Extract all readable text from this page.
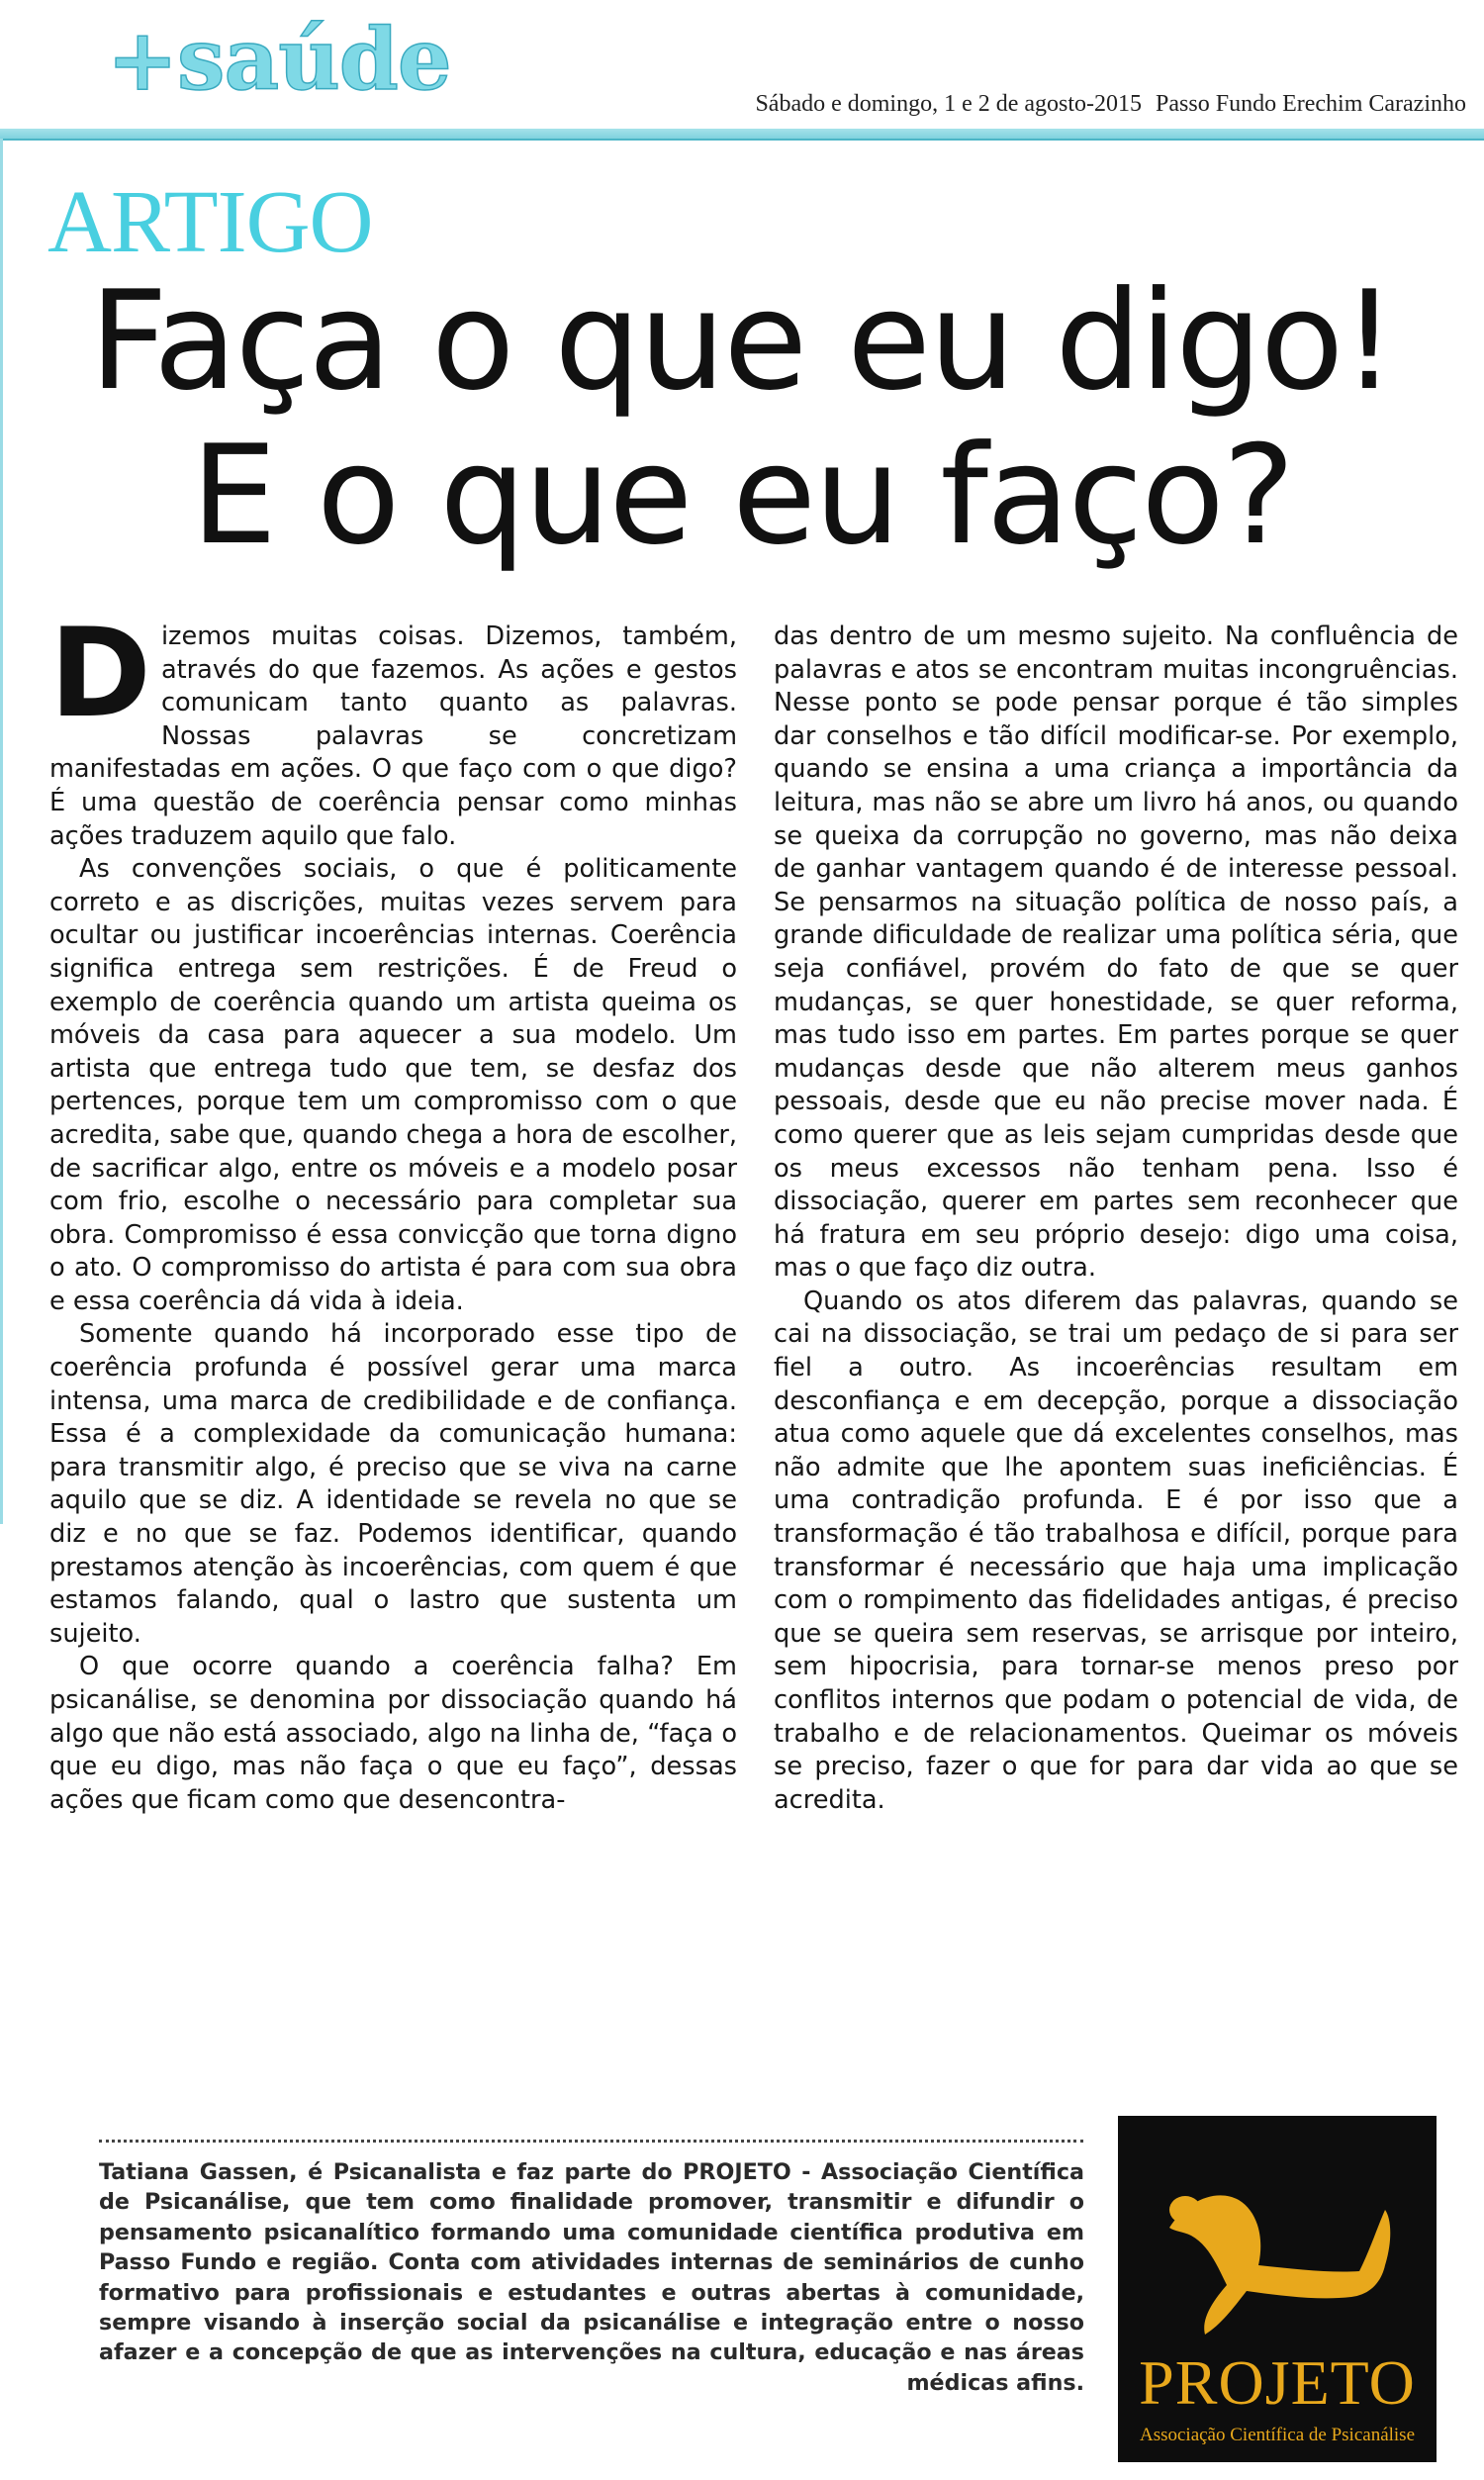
+saúde	Sábado e domingo, 1 e 2 de agosto-2015 Passo Fundo Erechim Carazinho
ARTIGO
Faça o que eu digo!
E o que eu faço?

Dizemos muitas coisas. Dizemos, também, através do que fazemos. As ações e gestos comunicam tanto quanto as palavras. Nossas palavras se concretizam manifestadas em ações. O que faço com o que digo? É uma questão de coerência pensar como minhas ações traduzem aquilo que falo.

As convenções sociais, o que é politicamente correto e as discrições, muitas vezes servem para ocultar ou justificar incoerências internas. Coerência significa entrega sem restrições. É de Freud o exemplo de coerência quando um artista queima os móveis da casa para aquecer a sua modelo. Um artista que entrega tudo que tem, se desfaz dos pertences, porque tem um compromisso com o que acredita, sabe que, quando chega a hora de escolher, de sacrificar algo, entre os móveis e a modelo posar com frio, escolhe o necessário para completar sua obra. Compromisso é essa convicção que torna digno o ato. O compromisso do artista é para com sua obra e essa coerência dá vida à ideia.

Somente quando há incorporado esse tipo de coerência profunda é possível gerar uma marca intensa, uma marca de credibilidade e de confiança. Essa é a complexidade da comunicação humana: para transmitir algo, é preciso que se viva na carne aquilo que se diz. A identidade se revela no que se diz e no que se faz. Podemos identificar, quando prestamos atenção às incoerências, com quem é que estamos falando, qual o lastro que sustenta um sujeito.

O que ocorre quando a coerência falha? Em psicanálise, se denomina por dissociação quando há algo que não está associado, algo na linha de, “faça o que eu digo, mas não faça o que eu faço”, dessas ações que ficam como que desencontra-

das dentro de um mesmo sujeito. Na confluência de palavras e atos se encontram muitas incongruências. Nesse ponto se pode pensar porque é tão simples dar conselhos e tão difícil modificar-se. Por exemplo, quando se ensina a uma criança a importância da leitura, mas não se abre um livro há anos, ou quando se queixa da corrupção no governo, mas não deixa de ganhar vantagem quando é de interesse pessoal. Se pensarmos na situação política de nosso país, a grande dificuldade de realizar uma política séria, que seja confiável, provém do fato de que se quer mudanças, se quer honestidade, se quer reforma, mas tudo isso em partes. Em partes porque se quer mudanças desde que não alterem meus ganhos pessoais, desde que eu não precise mover nada. É como querer que as leis sejam cumpridas desde que os meus excessos não tenham pena. Isso é dissociação, querer em partes sem reconhecer que há fratura em seu próprio desejo: digo uma coisa, mas o que faço diz outra.

Quando os atos diferem das palavras, quando se cai na dissociação, se trai um pedaço de si para ser fiel a outro. As incoerências resultam em desconfiança e em decepção, porque a dissociação atua como aquele que dá excelentes conselhos, mas não admite que lhe apontem suas ineficiências. É uma contradição profunda. E é por isso que a transformação é tão trabalhosa e difícil, porque para transformar é necessário que haja uma implicação com o rompimento das fidelidades antigas, é preciso que se queira sem reservas, se arrisque por inteiro, sem hipocrisia, para tornar-se menos preso por conflitos internos que podam o potencial de vida, de trabalho e de relacionamentos. Queimar os móveis se preciso, fazer o que for para dar vida ao que se acredita.

Tatiana Gassen, é Psicanalista e faz parte do PROJETO - Associação Científica de Psicanálise, que tem como finalidade promover, transmitir e difundir o pensamento psicanalítico formando uma comunidade científica produtiva em Passo Fundo e região. Conta com atividades internas de seminários de cunho formativo para profissionais e estudantes e outras abertas à comunidade, sempre visando à inserção social da psicanálise e integração entre o nosso afazer e a concepção de que as intervenções na cultura, educação e nas áreas médicas afins. PROJETO
Associação Científica de Psicanálise
